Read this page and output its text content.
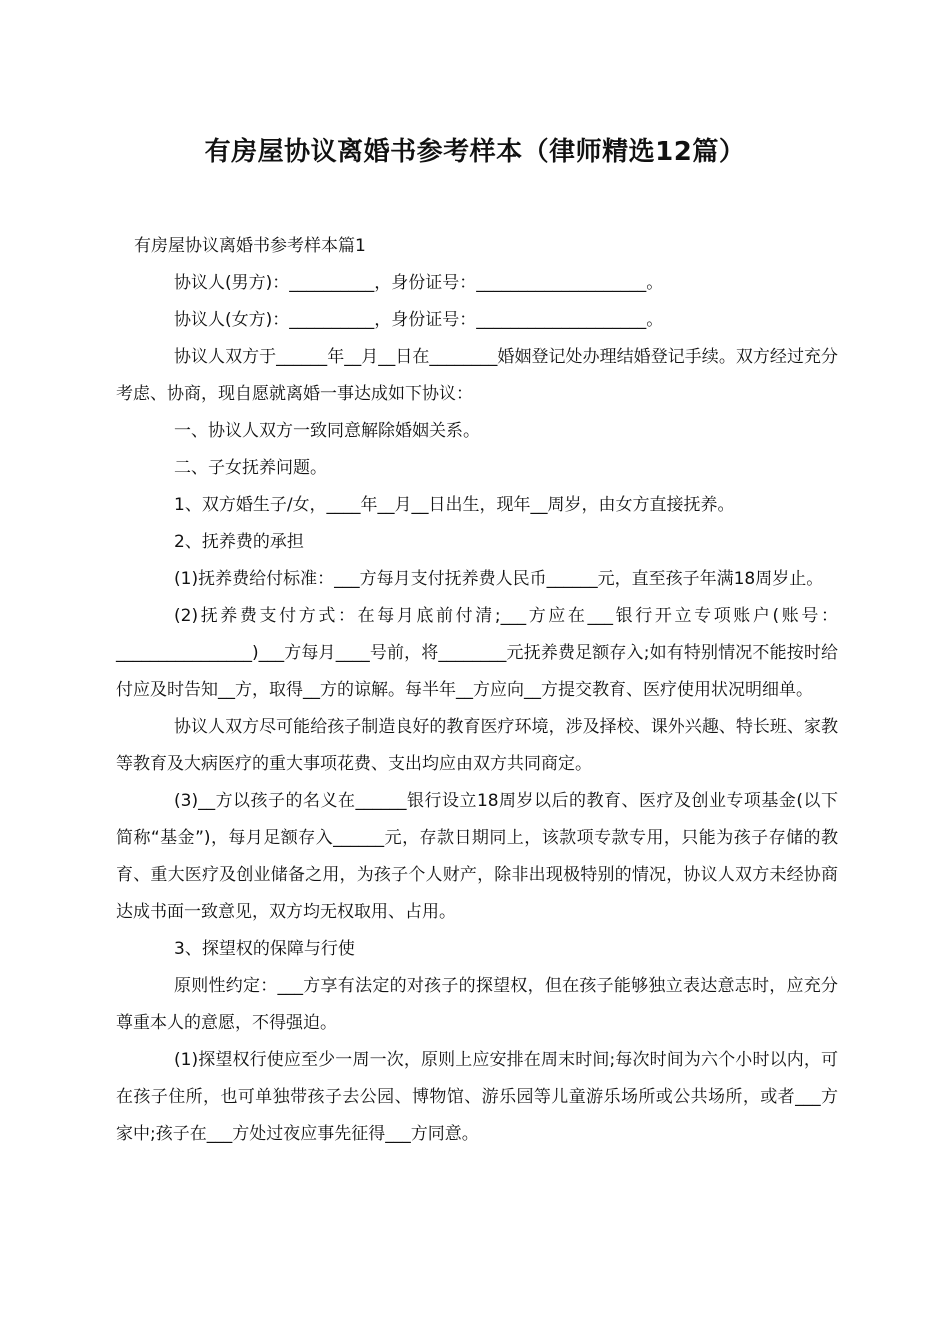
有房屋协议离婚书参考样本（律师精选12篇）

有房屋协议离婚书参考样本篇1

协议人(男方)：__________，身份证号：____________________。

协议人(女方)：__________，身份证号：____________________。

协议人双方于______年__月__日在________婚姻登记处办理结婚登记手续。双方经过充分考虑、协商，现自愿就离婚一事达成如下协议：

一、协议人双方一致同意解除婚姻关系。

二、子女抚养问题。

1、双方婚生子/女，____年__月__日出生，现年__周岁，由女方直接抚养。

2、抚养费的承担

(1)抚养费给付标准：___方每月支付抚养费人民币______元，直至孩子年满18周岁止。

(2)抚养费支付方式：在每月底前付清;___方应在___银行开立专项账户(账号：________________)___方每月____号前，将________元抚养费足额存入;如有特别情况不能按时给付应及时告知__方，取得__方的谅解。每半年__方应向__方提交教育、医疗使用状况明细单。

协议人双方尽可能给孩子制造良好的教育医疗环境，涉及择校、课外兴趣、特长班、家教等教育及大病医疗的重大事项花费、支出均应由双方共同商定。

(3)__方以孩子的名义在______银行设立18周岁以后的教育、医疗及创业专项基金(以下简称“基金”)，每月足额存入______元，存款日期同上，该款项专款专用，只能为孩子存储的教育、重大医疗及创业储备之用，为孩子个人财产，除非出现极特别的情况，协议人双方未经协商达成书面一致意见，双方均无权取用、占用。

3、探望权的保障与行使

原则性约定：___方享有法定的对孩子的探望权，但在孩子能够独立表达意志时，应充分尊重本人的意愿，不得强迫。

(1)探望权行使应至少一周一次，原则上应安排在周末时间;每次时间为六个小时以内，可在孩子住所，也可单独带孩子去公园、博物馆、游乐园等儿童游乐场所或公共场所，或者___方家中;孩子在___方处过夜应事先征得___方同意。
